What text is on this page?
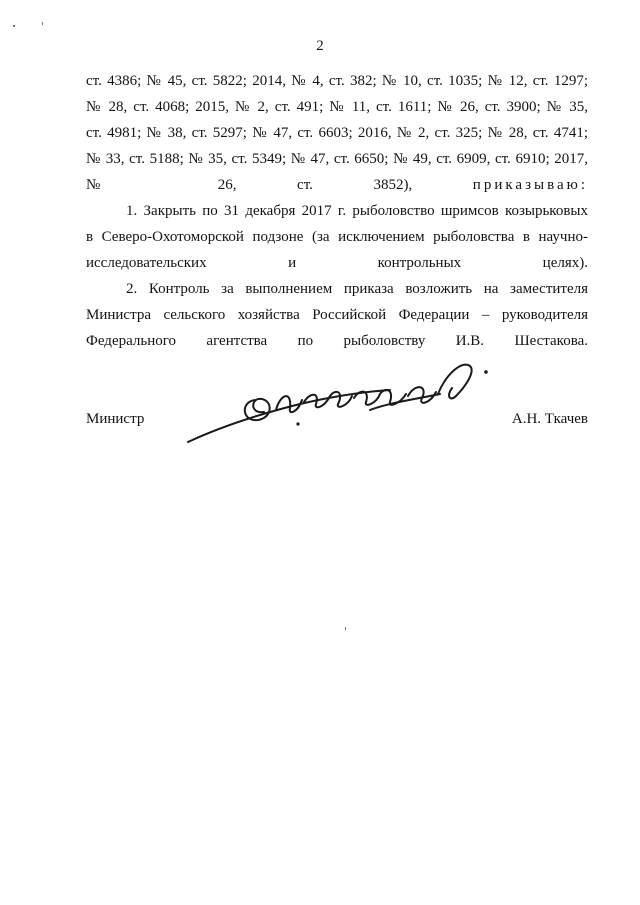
2
ст. 4386; № 45, ст. 5822; 2014, № 4, ст. 382; № 10, ст. 1035; № 12, ст. 1297;
№ 28, ст. 4068; 2015, № 2, ст. 491; № 11, ст. 1611; № 26, ст. 3900; № 35,
ст. 4981; № 38, ст. 5297; № 47, ст. 6603; 2016, № 2, ст. 325; № 28, ст. 4741;
№ 33, ст. 5188; № 35, ст. 5349; № 47, ст. 6650; № 49, ст. 6909, ст. 6910; 2017,
№ 26, ст. 3852),	приказываю:
1. Закрыть по 31 декабря 2017 г. рыболовство шримсов козырьковых
в Северо-Охотоморской подзоне (за исключением рыболовства в научно-
исследовательских и контрольных целях).
2. Контроль за выполнением приказа возложить на заместителя
Министра сельского хозяйства Российской Федерации – руководителя
Федерального агентства по рыболовству И.В. Шестакова.
Министр	А.Н. Ткачев
